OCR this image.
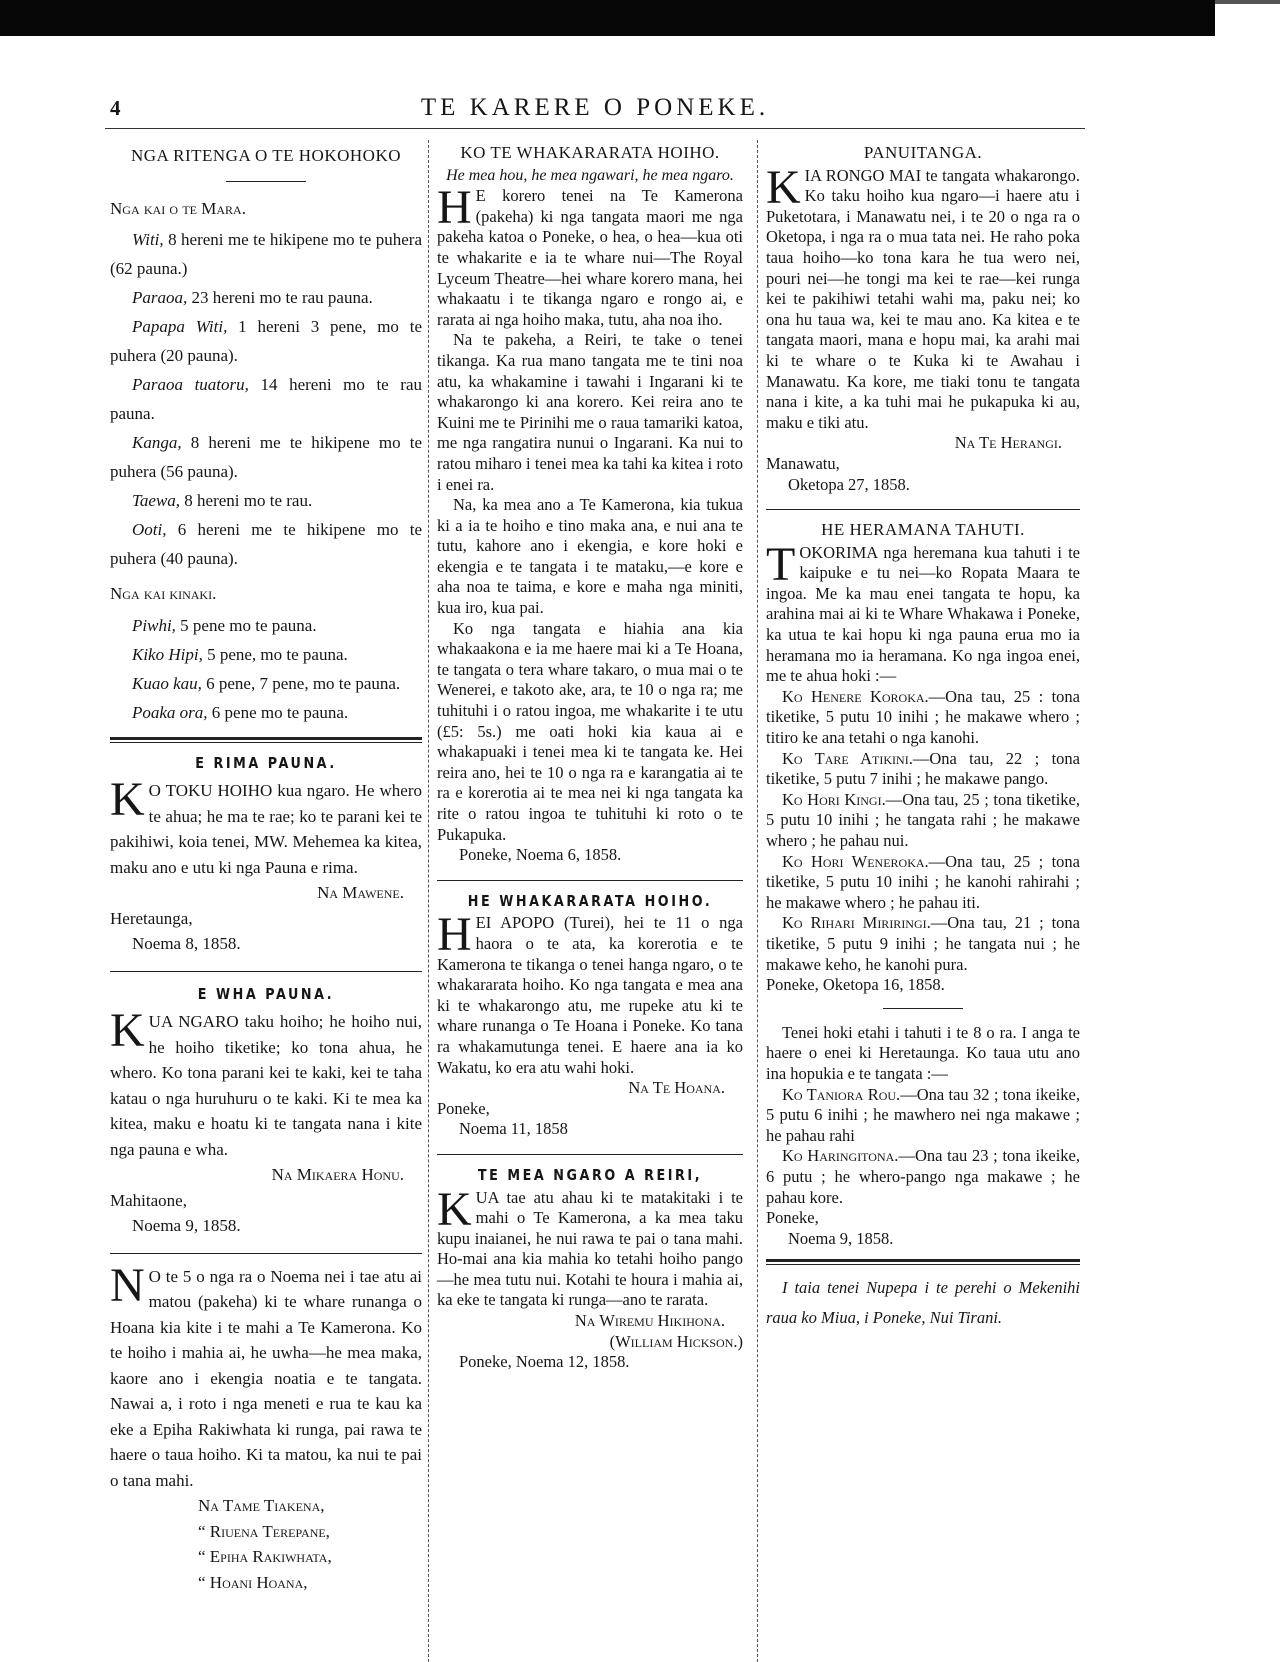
4	TE KARERE O PONEKE.
NGA RITENGA O TE HOKOHOKO
Nga kai o te Mara.
Witi, 8 hereni me te hikipene mo te puhera (62 pauna.)
Paraoa, 23 hereni mo te rau pauna.
Papapa Witi, 1 hereni 3 pene, mo te puhera (20 pauna).
Paraoa tuatoru, 14 hereni mo te rau pauna.
Kanga, 8 hereni me te hikipene mo te puhera (56 pauna).
Taewa, 8 hereni mo te rau.
Ooti, 6 hereni me te hikipene mo te puhera (40 pauna).
Nga kai kinaki.
Piwhi, 5 pene mo te pauna.
Kiko Hipi, 5 pene, mo te pauna.
Kuao kau, 6 pene, 7 pene, mo te pauna.
Poaka ora, 6 pene mo te pauna.
E RIMA PAUNA.
K O TOKU HOIHO kua ngaro. He whero te ahua; he ma te rae; ko te parani kei te pakihiwi, koia tenei, MW. Mehemea ka kitea, maku ano e utu ki nga Pauna e rima.
Na Mawene.
Heretaunga,
Noema 8, 1858.
E WHA PAUNA.
KUA NGARO taku hoiho; he hoiho nui, he hoiho tiketike; ko tona ahua, he whero. Ko tona parani kei te kaki, kei te taha katau o nga huruhuru o te kaki. Ki te mea ka kitea, maku e hoatu ki te tangata nana i kite nga pauna e wha.
Na Mikaera Honu.
Mahitaone,
Noema 9, 1858.
N O te 5 o nga ra o Noema nei i tae atu ai matou (pakeha) ki te whare runanga o Hoana kia kite i te mahi a Te Kamerona. Ko te hoiho i mahia ai, he uwha—he mea maka, kaore ano i ekengia noatia e te tangata. Nawai a, i roto i nga meneti e rua te kau ka eke a Epiha Rakiwhata ki runga, pai rawa te haere o taua hoiho. Ki ta matou, ka nui te pai o tana mahi.
Na Tame Tiakena,
“ Riuena Terepane,
“ Epiha Rakiwhata,
“ Hoani Hoana,
KO TE WHAKARARATA HOIHO.
He mea hou, he mea ngawari, he mea ngaro.
H E korero tenei na Te Kamerona (pakeha) ki nga tangata maori me nga pakeha katoa o Poneke, o hea, o hea—kua oti te whakarite e ia te whare nui—The Royal Lyceum Theatre—hei whare korero mana, hei whakaatu i te tikanga ngaro e rongo ai, e rarata ai nga hoiho maka, tutu, aha noa iho.
Na te pakeha, a Reiri, te take o tenei tikanga. Ka rua mano tangata me te tini noa atu, ka whakamine i tawahi i Ingarani ki te whakarongo ki ana korero. Kei reira ano te Kuini me te Pirinihi me o raua tamariki katoa, me nga rangatira nunui o Ingarani. Ka nui to ratou miharo i tenei mea ka tahi ka kitea i roto i enei ra.
Na, ka mea ano a Te Kamerona, kia tukua ki a ia te hoiho e tino maka ana, e nui ana te tutu, kahore ano i ekengia, e kore hoki e ekengia e te tangata i te mataku,—e kore e aha noa te taima, e kore e maha nga miniti, kua iro, kua pai.
Ko nga tangata e hiahia ana kia whakaakona e ia me haere mai ki a Te Hoana, te tangata o tera whare takaro, o mua mai o te Wenerei, e takoto ake, ara, te 10 o nga ra; me tuhituhi i o ratou ingoa, me whakarite i te utu (£5: 5s.) me oati hoki kia kaua ai e whakapuaki i tenei mea ki te tangata ke. Hei reira ano, hei te 10 o nga ra e karangatia ai te ra e korerotia ai te mea nei ki nga tangata ka rite o ratou ingoa te tuhituhi ki roto o te Pukapuka.
Poneke, Noema 6, 1858.
HE WHAKARARATA HOIHO.
HEI APOPO (Turei), hei te 11 o nga haora o te ata, ka korerotia e te Kamerona te tikanga o tenei hanga ngaro, o te whakararata hoiho. Ko nga tangata e mea ana ki te whakarongo atu, me rupeke atu ki te whare runanga o Te Hoana i Poneke. Ko tana ra whakamutunga tenei. E haere ana ia ko Wakatu, ko era atu wahi hoki.
Na Te Hoana.
Poneke,
Noema 11, 1858
TE MEA NGARO A REIRI,
KUA tae atu ahau ki te matakitaki i te mahi o Te Kamerona, a ka mea taku kupu inaianei, he nui rawa te pai o tana mahi. Ho-mai ana kia mahia ko tetahi hoiho pango—he mea tutu nui. Kotahi te houra i mahia ai, ka eke te tangata ki runga—ano te rarata.
Na Wiremu Hikihona.
(William Hickson.)
Poneke, Noema 12, 1858.
PANUITANGA.
KIA RONGO MAI te tangata whakarongo. Ko taku hoiho kua ngaro—i haere atu i Puketotara, i Manawatu nei, i te 20 o nga ra o Oketopa, i nga ra o mua tata nei. He raho poka taua hoiho—ko tona kara he tua wero nei, pouri nei—he tongi ma kei te rae—kei runga kei te pakihiwi tetahi wahi ma, paku nei; ko ona hu taua wa, kei te mau ano. Ka kitea e te tangata maori, mana e hopu mai, ka arahi mai ki te whare o te Kuka ki te Awahau i Manawatu. Ka kore, me tiaki tonu te tangata nana i kite, a ka tuhi mai he pukapuka ki au, maku e tiki atu.
Na Te Herangi.
Manawatu,
Oketopa 27, 1858.
HE HERAMANA TAHUTI.
TOKORIMA nga heremana kua tahuti i te kaipuke e tu nei—ko Ropata Maara te ingoa. Me ka mau enei tangata te hopu, ka arahina mai ai ki te Whare Whakawa i Poneke, ka utua te kai hopu ki nga pauna erua mo ia heramana mo ia heramana. Ko nga ingoa enei, me te ahua hoki :—
Ko Henere Koroka.—Ona tau, 25 : tona tiketike, 5 putu 10 inihi ; he makawe whero ; titiro ke ana tetahi o nga kanohi.
Ko Tare Atikini.—Ona tau, 22 ; tona tiketike, 5 putu 7 inihi ; he makawe pango.
Ko Hori Kingi.—Ona tau, 25 ; tona tiketike, 5 putu 10 inihi ; he tangata rahi ; he makawe whero ; he pahau nui.
Ko Hori Weneroka.—Ona tau, 25 ; tona tiketike, 5 putu 10 inihi ; he kanohi rahirahi ; he makawe whero ; he pahau iti.
Ko Rihari Miriringi.—Ona tau, 21 ; tona tiketike, 5 putu 9 inihi ; he tangata nui ; he makawe keho, he kanohi pura.
Poneke, Oketopa 16, 1858.
Tenei hoki etahi i tahuti i te 8 o ra. I anga te haere o enei ki Heretaunga. Ko taua utu ano ina hopukia e te tangata :—
Ko Taniora Rou.—Ona tau 32 ; tona ikeike, 5 putu 6 inihi ; he mawhero nei nga makawe ; he pahau rahi
Ko Haringitona.—Ona tau 23 ; tona ikeike, 6 putu ; he whero-pango nga makawe ; he pahau kore.
Poneke,
Noema 9, 1858.
I taia tenei Nupepa i te perehi o Mekenihi raua ko Miua, i Poneke, Nui Tirani.
